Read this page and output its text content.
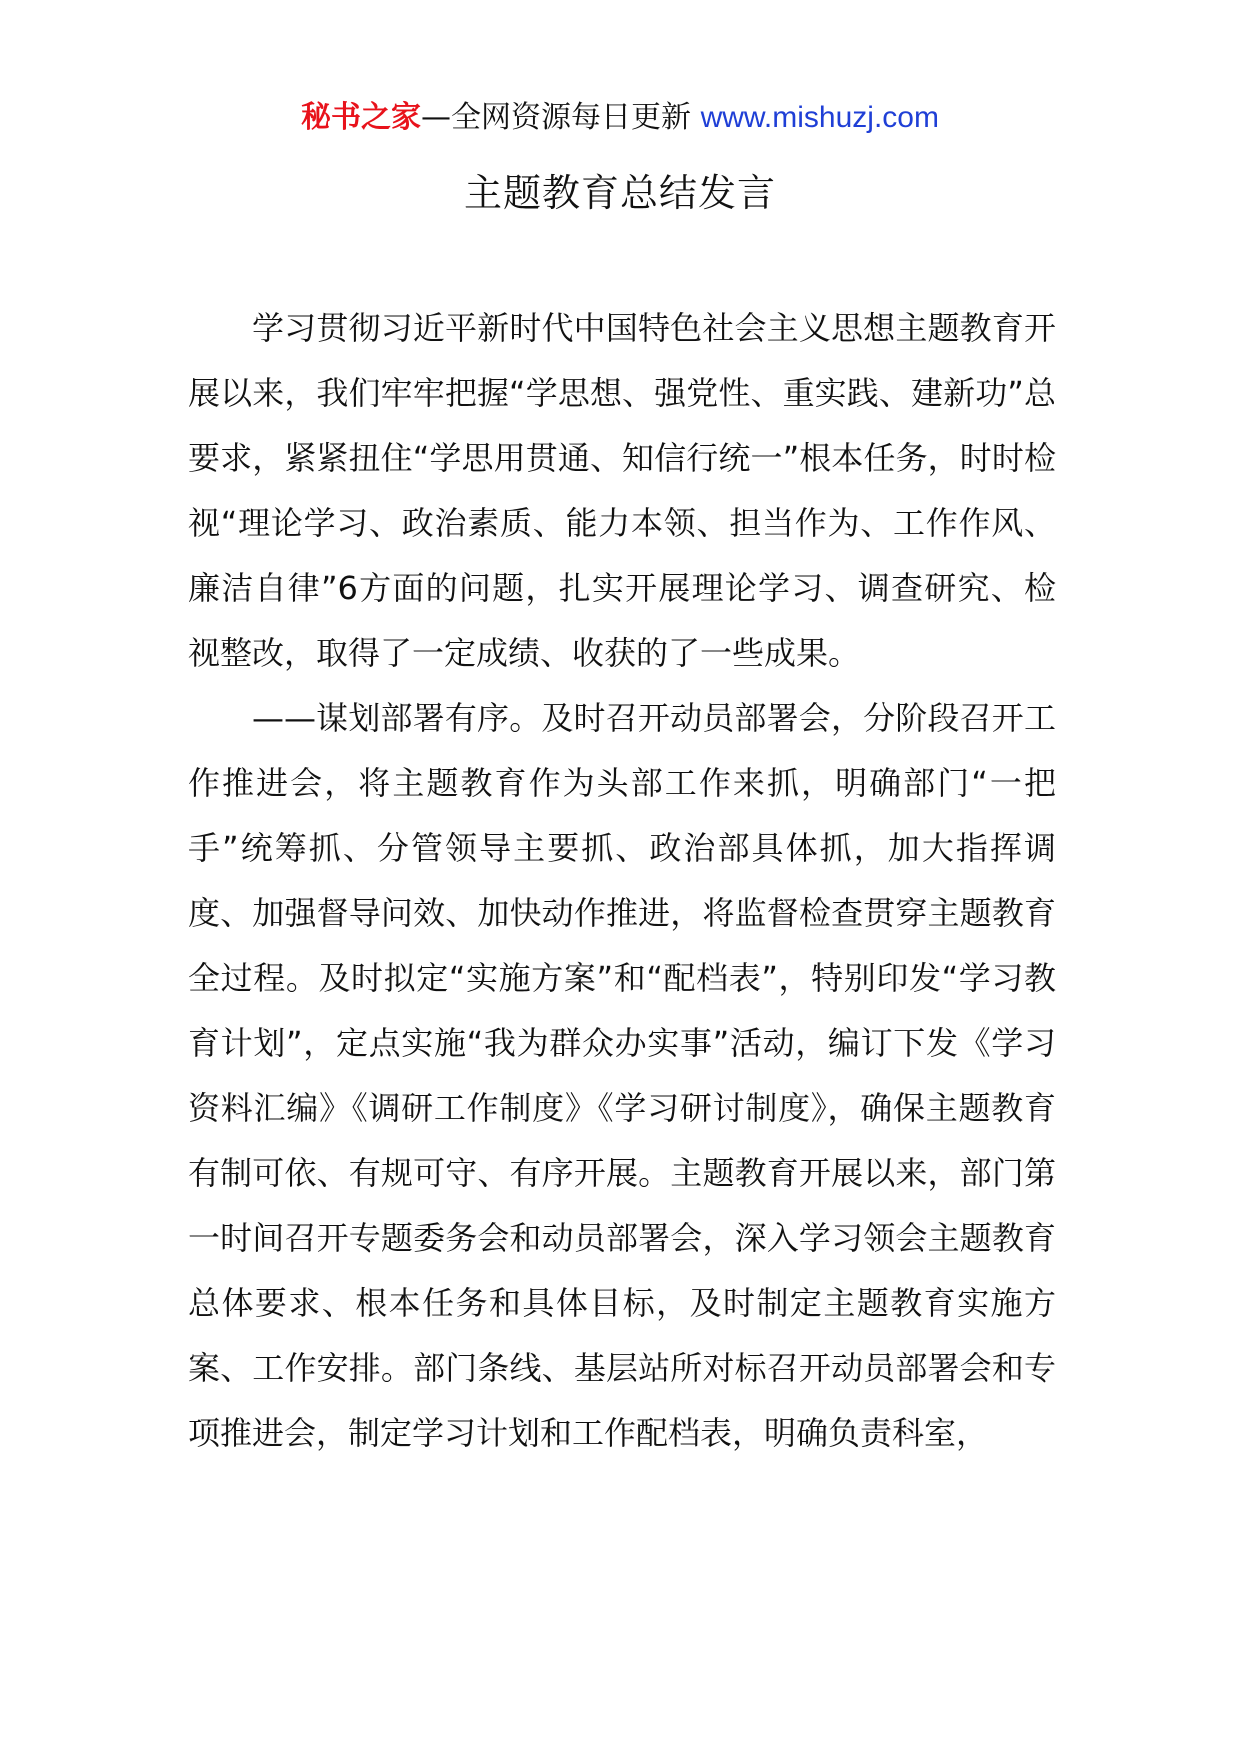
秘书之家—全网资源每日更新 www.mishuzj.com
主题教育总结发言

学习贯彻习近平新时代中国特色社会主义思想主题教育开展以来，我们牢牢把握“学思想、强党性、重实践、建新功”总要求，紧紧扭住“学思用贯通、知信行统一”根本任务，时时检视“理论学习、政治素质、能力本领、担当作为、工作作风、廉洁自律”6方面的问题，扎实开展理论学习、调查研究、检视整改，取得了一定成绩、收获的了一些成果。

——谋划部署有序。及时召开动员部署会，分阶段召开工作推进会，将主题教育作为头部工作来抓，明确部门“一把手”统筹抓、分管领导主要抓、政治部具体抓，加大指挥调度、加强督导问效、加快动作推进，将监督检查贯穿主题教育全过程。及时拟定“实施方案”和“配档表”，特别印发“学习教育计划”，定点实施“我为群众办实事”活动，编订下发《学习资料汇编》《调研工作制度》《学习研讨制度》，确保主题教育有制可依、有规可守、有序开展。主题教育开展以来，部门第一时间召开专题委务会和动员部署会，深入学习领会主题教育总体要求、根本任务和具体目标，及时制定主题教育实施方案、工作安排。部门条线、基层站所对标召开动员部署会和专项推进会，制定学习计划和工作配档表，明确负责科室，
